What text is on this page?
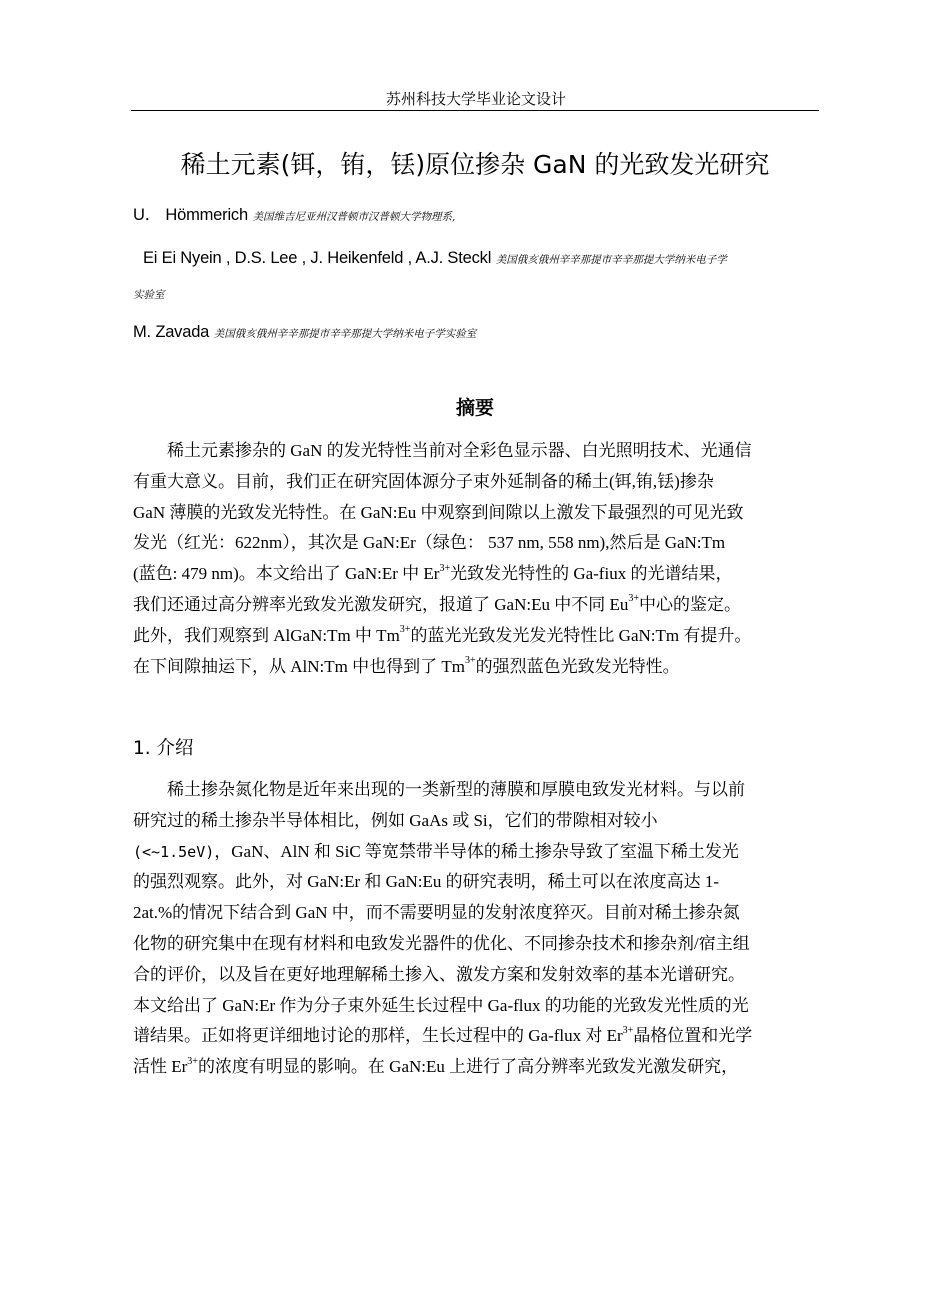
苏州科技大学毕业论文设计
稀土元素(铒，铕，铥)原位掺杂 GaN 的光致发光研究
U． Hömmerich 美国维吉尼亚州汉普顿市汉普顿大学物理系,
Ei Ei Nyein , D.S. Lee , J. Heikenfeld , A.J. Steckl 美国俄亥俄州辛辛那提市辛辛那提大学纳米电子学
实验室
M. Zavada 美国俄亥俄州辛辛那提市辛辛那提大学纳米电子学实验室
摘要
稀土元素掺杂的 GaN 的发光特性当前对全彩色显示器、白光照明技术、光通信
有重大意义。目前，我们正在研究固体源分子束外延制备的稀土(铒,铕,铥)掺杂
GaN 薄膜的光致发光特性。在 GaN:Eu 中观察到间隙以上激发下最强烈的可见光致
发光（红光：622nm），其次是 GaN:Er（绿色： 537 nm, 558 nm),然后是 GaN:Tm
(蓝色: 479 nm)。本文给出了 GaN:Er 中 $Er^{3+}$光致发光特性的 Ga-fiux 的光谱结果，
我们还通过高分辨率光致发光激发研究，报道了 GaN:Eu 中不同 $Eu^{3+}$中心的鉴定。
此外，我们观察到 AlGaN:Tm 中 $Tm^{3+}$的蓝光光致发光发光特性比 GaN:Tm 有提升。
在下间隙抽运下，从 AlN:Tm 中也得到了 $Tm^{3+}$的强烈蓝色光致发光特性。
1. 介绍
稀土掺杂氮化物是近年来出现的一类新型的薄膜和厚膜电致发光材料。与以前
研究过的稀土掺杂半导体相比，例如 GaAs 或 Si，它们的带隙相对较小
(<~1.5eV)，GaN、AlN 和 SiC 等宽禁带半导体的稀土掺杂导致了室温下稀土发光
的强烈观察。此外，对 GaN:Er 和 GaN:Eu 的研究表明，稀土可以在浓度高达 1-
2at.%的情况下结合到 GaN 中，而不需要明显的发射浓度猝灭。目前对稀土掺杂氮
化物的研究集中在现有材料和电致发光器件的优化、不同掺杂技术和掺杂剂/宿主组
合的评价，以及旨在更好地理解稀土掺入、激发方案和发射效率的基本光谱研究。
本文给出了 GaN:Er 作为分子束外延生长过程中 Ga-flux 的功能的光致发光性质的光
谱结果。正如将更详细地讨论的那样，生长过程中的 Ga-flux 对 $Er^{3+}$晶格位置和光学
活性 $Er^{3+}$的浓度有明显的影响。在 GaN:Eu 上进行了高分辨率光致发光激发研究，
